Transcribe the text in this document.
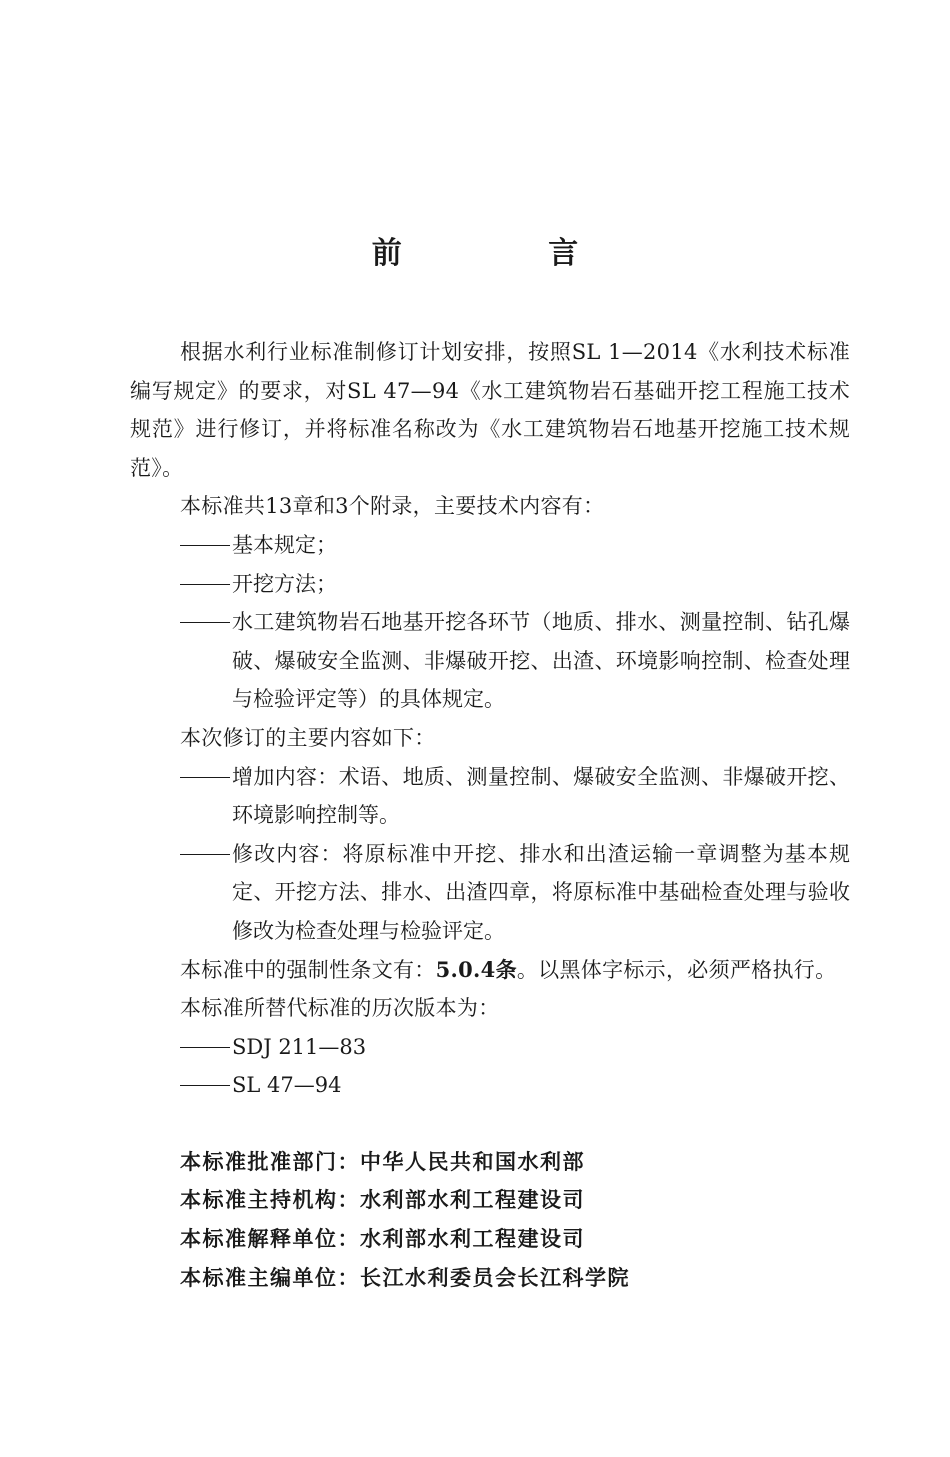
前 言

根据水利行业标准制修订计划安排，按照SL 1—2014《水利技术标准编写规定》的要求，对SL 47—94《水工建筑物岩石基础开挖工程施工技术规范》进行修订，并将标准名称改为《水工建筑物岩石地基开挖施工技术规范》。

本标准共13章和3个附录，主要技术内容有：

基本规定；
开挖方法；
水工建筑物岩石地基开挖各环节（地质、排水、测量控制、钻孔爆破、爆破安全监测、非爆破开挖、出渣、环境影响控制、检查处理与检验评定等）的具体规定。

本次修订的主要内容如下：

增加内容：术语、地质、测量控制、爆破安全监测、非爆破开挖、环境影响控制等。
修改内容：将原标准中开挖、排水和出渣运输一章调整为基本规定、开挖方法、排水、出渣四章，将原标准中基础检查处理与验收修改为检查处理与检验评定。

本标准中的强制性条文有：5.0.4条。以黑体字标示，必须严格执行。

本标准所替代标准的历次版本为：

SDJ 211—83
SL 47—94

本标准批准部门：中华人民共和国水利部

本标准主持机构：水利部水利工程建设司

本标准解释单位：水利部水利工程建设司

本标准主编单位：长江水利委员会长江科学院
